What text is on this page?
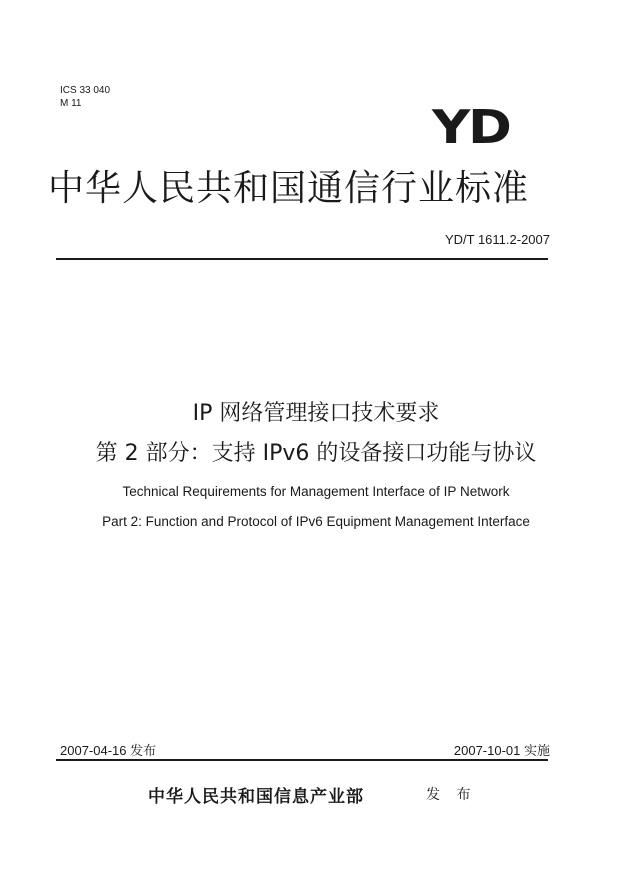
ICS 33 040
M 11	YD
中华人民共和国通信行业标准
YD/T 1611.2-2007
IP 网络管理接口技术要求
第 2 部分：支持 IPv6 的设备接口功能与协议
Technical Requirements for Management Interface of IP Network
Part 2: Function and Protocol of IPv6 Equipment Management Interface
2007-04-16 发布	2007-10-01 实施
中华人民共和国信息产业部	发 布
